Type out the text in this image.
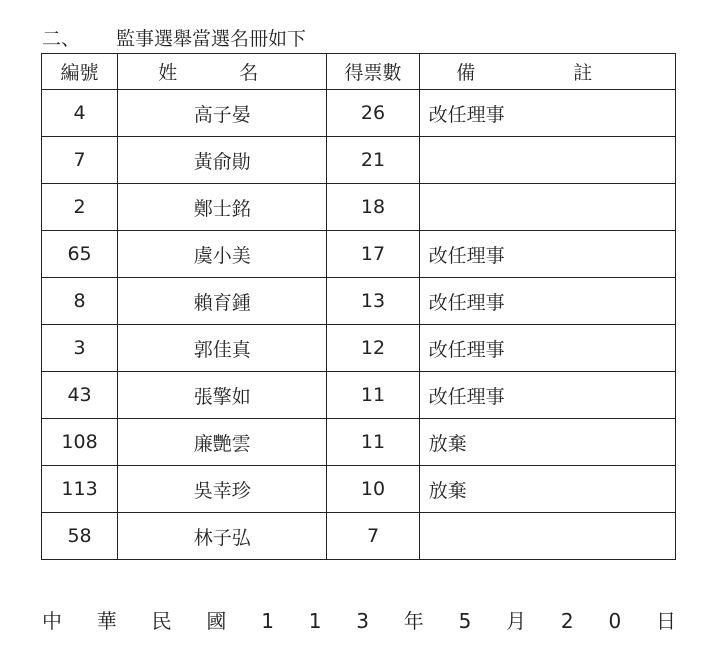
二、 監事選舉當選名冊如下
編號	姓 名	得票數	備 註
4	高子晏	26	改任理事
7	黃俞勛	21	
2	鄭士銘	18	
65	虞小美	17	改任理事
8	賴育鍾	13	改任理事
3	郭佳真	12	改任理事
43	張擎如	11	改任理事
108	廉艷雲	11	放棄
113	吳幸珍	10	放棄
58	林子弘	7	
中 華 民 國 1 1 3 年 5 月 2 0 日
